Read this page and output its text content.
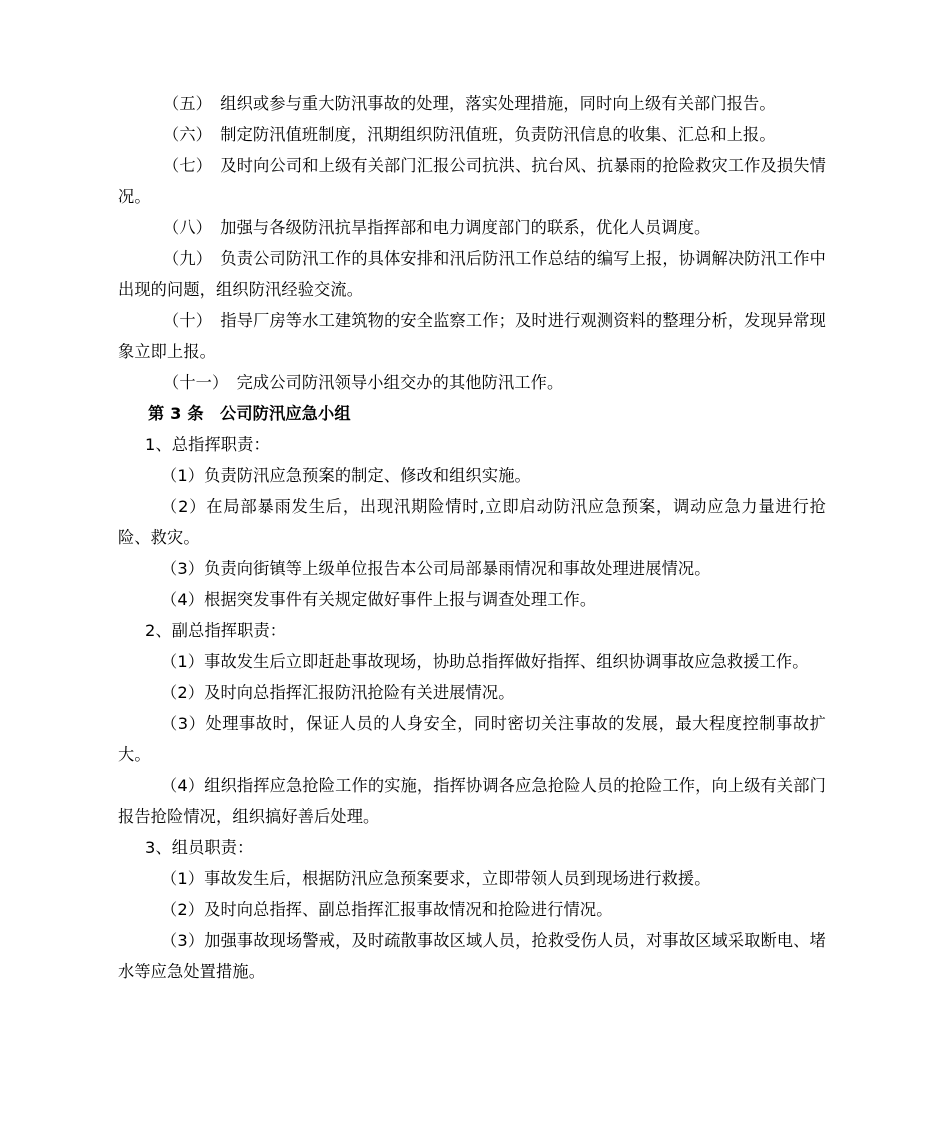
（五）　组织或参与重大防汛事故的处理，落实处理措施，同时向上级有关部门报告。

（六）　制定防汛值班制度，汛期组织防汛值班，负责防汛信息的收集、汇总和上报。

（七）　及时向公司和上级有关部门汇报公司抗洪、抗台风、抗暴雨的抢险救灾工作及损失情况。

（八）　加强与各级防汛抗旱指挥部和电力调度部门的联系，优化人员调度。

（九）　负责公司防汛工作的具体安排和汛后防汛工作总结的编写上报，协调解决防汛工作中出现的问题，组织防汛经验交流。

（十）　指导厂房等水工建筑物的安全监察工作；及时进行观测资料的整理分析，发现异常现象立即上报。

（十一）　完成公司防汛领导小组交办的其他防汛工作。

第 3 条　公司防汛应急小组

1、总指挥职责：

（1）负责防汛应急预案的制定、修改和组织实施。

（2）在局部暴雨发生后，出现汛期险情时,立即启动防汛应急预案，调动应急力量进行抢险、救灾。

（3）负责向街镇等上级单位报告本公司局部暴雨情况和事故处理进展情况。

（4）根据突发事件有关规定做好事件上报与调查处理工作。

2、副总指挥职责：

（1）事故发生后立即赶赴事故现场，协助总指挥做好指挥、组织协调事故应急救援工作。

（2）及时向总指挥汇报防汛抢险有关进展情况。

（3）处理事故时，保证人员的人身安全，同时密切关注事故的发展，最大程度控制事故扩大。

（4）组织指挥应急抢险工作的实施，指挥协调各应急抢险人员的抢险工作，向上级有关部门报告抢险情况，组织搞好善后处理。

3、组员职责：

（1）事故发生后，根据防汛应急预案要求，立即带领人员到现场进行救援。

（2）及时向总指挥、副总指挥汇报事故情况和抢险进行情况。

（3）加强事故现场警戒，及时疏散事故区域人员，抢救受伤人员，对事故区域采取断电、堵水等应急处置措施。
